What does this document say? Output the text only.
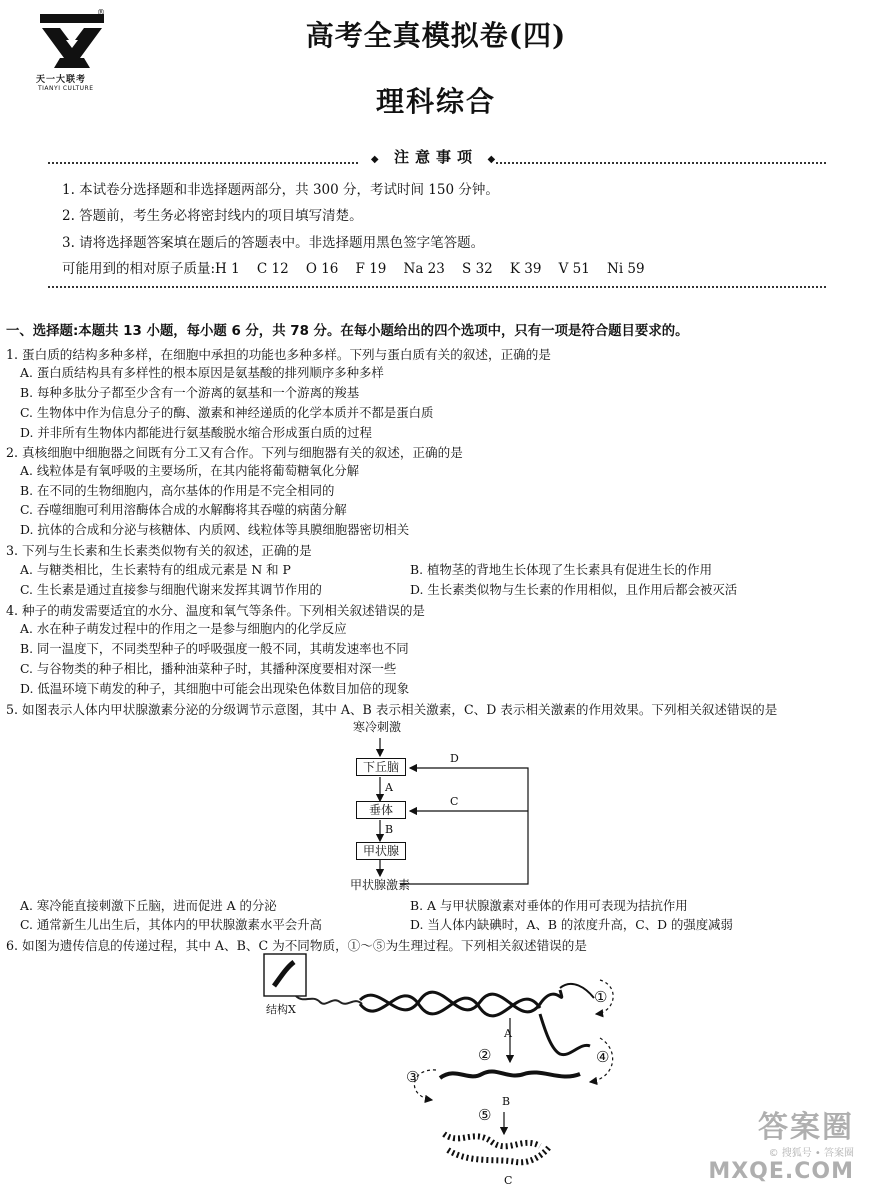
®
天一大联考
TIANYI CULTURE
高考全真模拟卷(四)
理科综合
◆ 注意事项 ◆
1. 本试卷分选择题和非选择题两部分，共 300 分，考试时间 150 分钟。
2. 答题前，考生务必将密封线内的项目填写清楚。
3. 请将选择题答案填在题后的答题表中。非选择题用黑色签字笔答题。
可能用到的相对原子质量:H 1    C 12    O 16    F 19    Na 23    S 32    K 39    V 51    Ni 59
一、选择题:本题共 13 小题，每小题 6 分，共 78 分。在每小题给出的四个选项中，只有一项是符合题目要求的。
1. 蛋白质的结构多种多样，在细胞中承担的功能也多种多样。下列与蛋白质有关的叙述，正确的是
A. 蛋白质结构具有多样性的根本原因是氨基酸的排列顺序多种多样
B. 每种多肽分子都至少含有一个游离的氨基和一个游离的羧基
C. 生物体中作为信息分子的酶、激素和神经递质的化学本质并不都是蛋白质
D. 并非所有生物体内都能进行氨基酸脱水缩合形成蛋白质的过程
2. 真核细胞中细胞器之间既有分工又有合作。下列与细胞器有关的叙述，正确的是
A. 线粒体是有氧呼吸的主要场所，在其内能将葡萄糖氧化分解
B. 在不同的生物细胞内，高尔基体的作用是不完全相同的
C. 吞噬细胞可利用溶酶体合成的水解酶将其吞噬的病菌分解
D. 抗体的合成和分泌与核糖体、内质网、线粒体等具膜细胞器密切相关
3. 下列与生长素和生长素类似物有关的叙述，正确的是
A. 与糖类相比，生长素特有的组成元素是 N 和 P	B. 植物茎的背地生长体现了生长素具有促进生长的作用
C. 生长素是通过直接参与细胞代谢来发挥其调节作用的	D. 生长素类似物与生长素的作用相似，且作用后都会被灭活
4. 种子的萌发需要适宜的水分、温度和氧气等条件。下列相关叙述错误的是
A. 水在种子萌发过程中的作用之一是参与细胞内的化学反应
B. 同一温度下，不同类型种子的呼吸强度一般不同，其萌发速率也不同
C. 与谷物类的种子相比，播种油菜种子时，其播种深度要相对深一些
D. 低温环境下萌发的种子，其细胞中可能会出现染色体数目加倍的现象
5. 如图表示人体内甲状腺激素分泌的分级调节示意图，其中 A、B 表示相关激素，C、D 表示相关激素的作用效果。下列相关叙述错误的是
寒冷刺激
下丘脑
垂体
甲状腺
甲状腺激素
A
B
C
D
A. 寒冷能直接刺激下丘脑，进而促进 A 的分泌	B. A 与甲状腺激素对垂体的作用可表现为拮抗作用
C. 通常新生儿出生后，其体内的甲状腺激素水平会升高	D. 当人体内缺碘时，A、B 的浓度升高，C、D 的强度减弱
6. 如图为遗传信息的传递过程，其中 A、B、C 为不同物质，①～⑤为生理过程。下列相关叙述错误的是
结构X
A
B
C
①
②
③
④
⑤	答案圈
© 搜狐号 • 答案圈
MXQE.COM
